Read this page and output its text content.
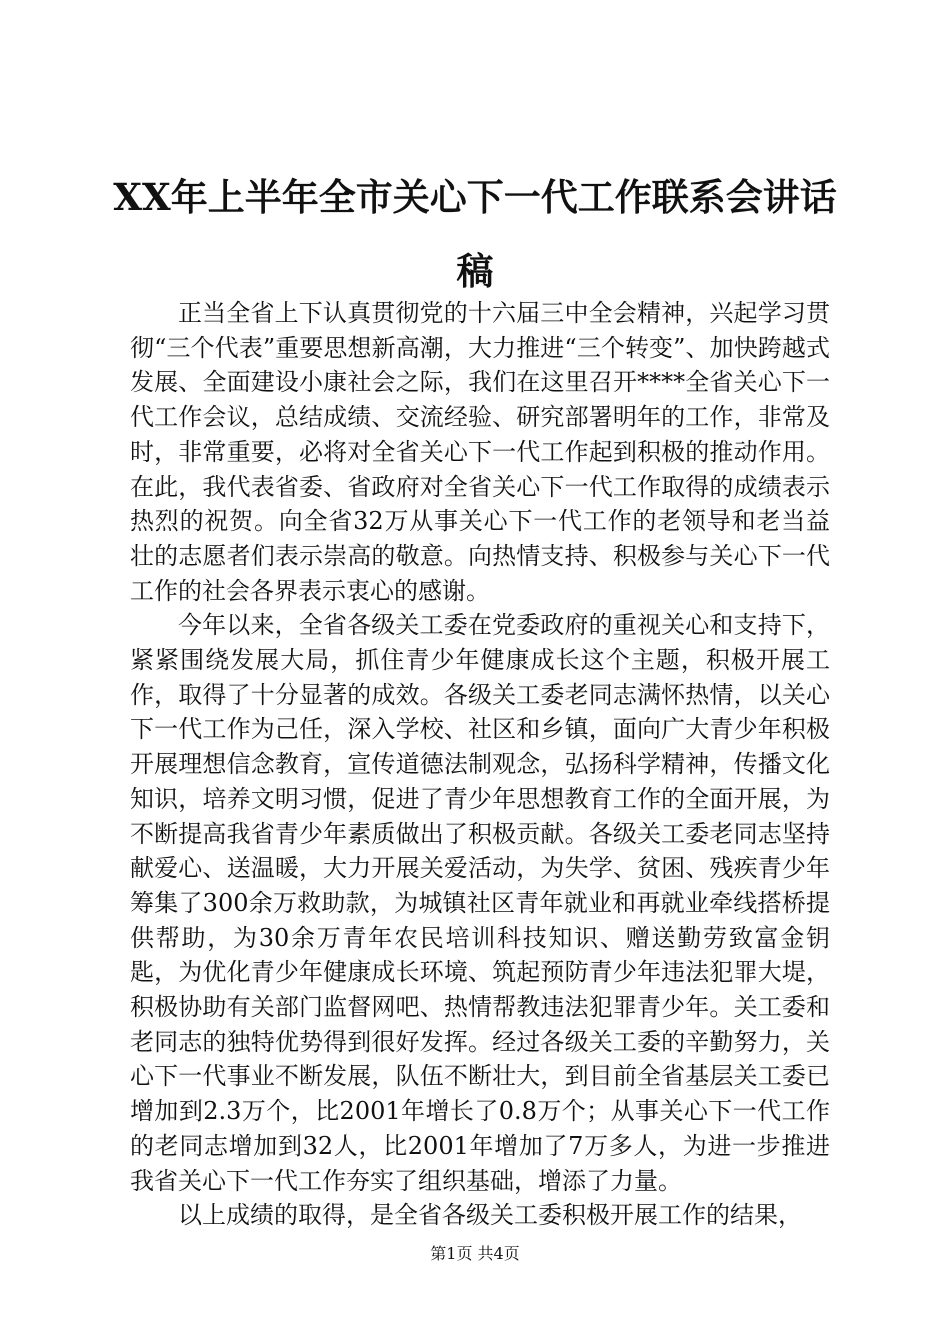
XX年上半年全市关心下一代工作联系会讲话稿

正当全省上下认真贯彻党的十六届三中全会精神，兴起学习贯彻“三个代表”重要思想新高潮，大力推进“三个转变”、加快跨越式发展、全面建设小康社会之际，我们在这里召开****全省关心下一代工作会议，总结成绩、交流经验、研究部署明年的工作，非常及时，非常重要，必将对全省关心下一代工作起到积极的推动作用。在此，我代表省委、省政府对全省关心下一代工作取得的成绩表示热烈的祝贺。向全省32万从事关心下一代工作的老领导和老当益壮的志愿者们表示崇高的敬意。向热情支持、积极参与关心下一代工作的社会各界表示衷心的感谢。

今年以来，全省各级关工委在党委政府的重视关心和支持下，紧紧围绕发展大局，抓住青少年健康成长这个主题，积极开展工作，取得了十分显著的成效。各级关工委老同志满怀热情，以关心下一代工作为己任，深入学校、社区和乡镇，面向广大青少年积极开展理想信念教育，宣传道德法制观念，弘扬科学精神，传播文化知识，培养文明习惯，促进了青少年思想教育工作的全面开展，为不断提高我省青少年素质做出了积极贡献。各级关工委老同志坚持献爱心、送温暖，大力开展关爱活动，为失学、贫困、残疾青少年筹集了300余万救助款，为城镇社区青年就业和再就业牵线搭桥提供帮助，为30余万青年农民培训科技知识、赠送勤劳致富金钥匙，为优化青少年健康成长环境、筑起预防青少年违法犯罪大堤，积极协助有关部门监督网吧、热情帮教违法犯罪青少年。关工委和老同志的独特优势得到很好发挥。经过各级关工委的辛勤努力，关心下一代事业不断发展，队伍不断壮大，到目前全省基层关工委已增加到2.3万个，比2001年增长了0.8万个；从事关心下一代工作的老同志增加到32人，比2001年增加了7万多人，为进一步推进我省关心下一代工作夯实了组织基础，增添了力量。

以上成绩的取得，是全省各级关工委积极开展工作的结果，

第1页 共4页
